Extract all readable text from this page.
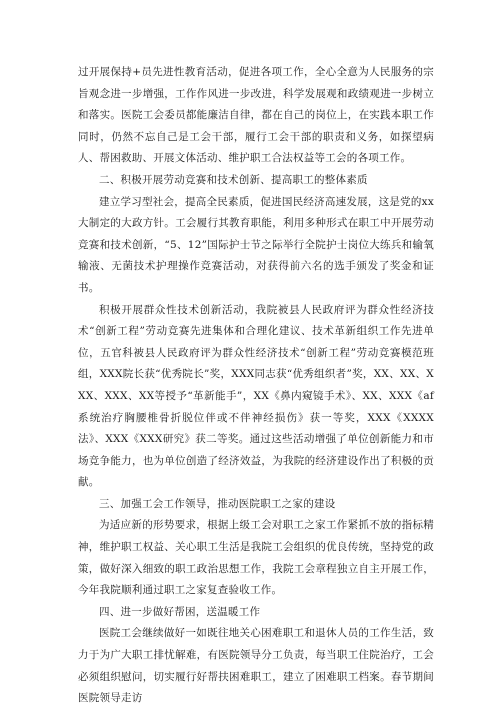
过开展保持+员先进性教育活动，促进各项工作，全心全意为人民服务的宗旨观念进一步增强，工作作风进一步改进，科学发展观和政绩观进一步树立和落实。医院工会委员都能廉洁自律，都在自己的岗位上，在实践本职工作同时，仍然不忘自己是工会干部，履行工会干部的职责和义务，如探望病人、帮困救助、开展文体活动、维护职工合法权益等工会的各项工作。

二、积极开展劳动竞赛和技术创新、提高职工的整体素质

建立学习型社会，提高全民素质，促进国民经济高速发展，这是党的xx大制定的大政方针。工会履行其教育职能，利用多种形式在职工中开展劳动竞赛和技术创新，“5、12”国际护士节之际举行全院护士岗位大练兵和输氧输液、无菌技术护理操作竞赛活动，对获得前六名的选手颁发了奖金和证书。

积极开展群众性技术创新活动，我院被县人民政府评为群众性经济技术“创新工程”劳动竞赛先进集体和合理化建议、技术革新组织工作先进单位，五官科被县人民政府评为群众性经济技术“创新工程”劳动竞赛模范班组，XXX院长获“优秀院长”奖，XXX同志获“优秀组织者”奖，XX、XX、XXX、XXX、XX等授予“革新能手”，XX《鼻内窥镜手术》、XX、XXX《af系统治疗胸腰椎骨折脱位伴或不伴神经损伤》获一等奖，XXX《XXXX法》、XXX《XXX研究》获二等奖。通过这些活动增强了单位创新能力和市场竞争能力，也为单位创造了经济效益，为我院的经济建设作出了积极的贡献。

三、加强工会工作领导，推动医院职工之家的建设

为适应新的形势要求，根据上级工会对职工之家工作紧抓不放的指标精神，维护职工权益、关心职工生活是我院工会组织的优良传统，坚持党的政策，做好深入细致的职工政治思想工作，我院工会章程独立自主开展工作，今年我院顺利通过职工之家复查验收工作。

四、进一步做好帮困，送温暖工作

医院工会继续做好一如既往地关心困难职工和退休人员的工作生活，致力于为广大职工排忧解难，有医院领导分工负责，每当职工住院治疗，工会必须组织慰问，切实履行好帮扶困难职工，建立了困难职工档案。春节期间医院领导走访
